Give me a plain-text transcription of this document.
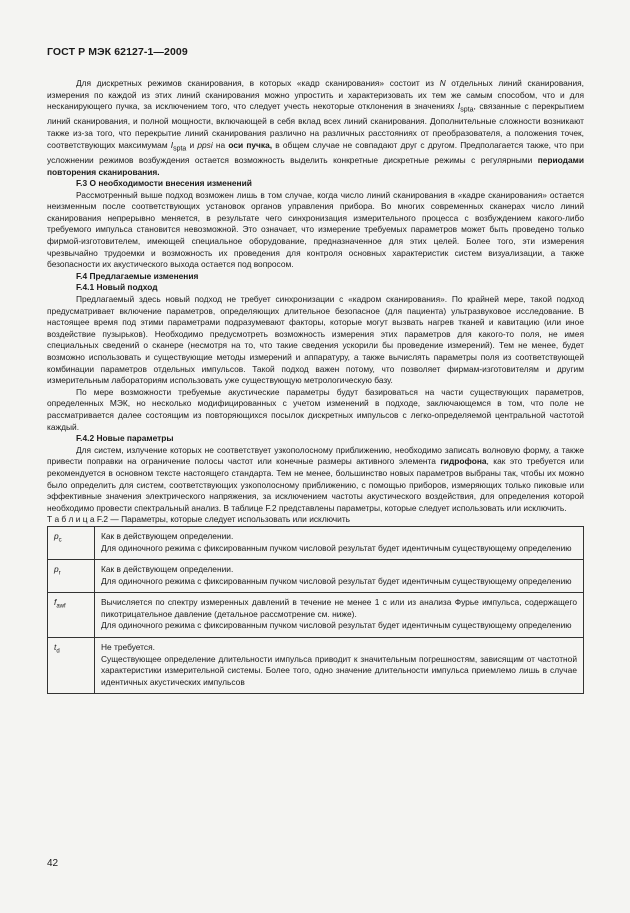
ГОСТ Р МЭК 62127-1—2009

Для дискретных режимов сканирования, в которых «кадр сканирования» состоит из N отдельных линий сканирования, измерения по каждой из этих линий сканирования можно упростить и характеризовать их тем же самым способом, что и для несканирующего пучка, за исключением того, что следует учесть некоторые отклонения в значениях $I_{spta}$, связанные с перекрытием линий сканирования, и полной мощности, включающей в себя вклад всех линий сканирования. Дополнительные сложности возникают также из-за того, что перекрытие линий сканирования различно на различных расстояниях от преобразователя, а положения точек, соответствующих максимумам $I_{spta}$ и ppsi на оси пучка, в общем случае не совпадают друг с другом. Предполагается также, что при усложнении режимов возбуждения остается возможность выделить конкретные дискретные режимы с регулярными периодами повторения сканирования.

F.3 О необходимости внесения изменений

Рассмотренный выше подход возможен лишь в том случае, когда число линий сканирования в «кадре сканирования» остается неизменным после соответствующих установок органов управления прибора. Во многих современных сканерах число линий сканирования непрерывно меняется, в результате чего синхронизация измерительного процесса с возбуждением какого-либо требуемого импульса становится невозможной. Это означает, что измерение требуемых параметров может быть проведено только фирмой-изготовителем, имеющей специальное оборудование, предназначенное для этих целей. Более того, эти измерения чрезвычайно трудоемки и возможность их проведения для контроля основных характеристик систем визуализации, а также безопасности их акустического выхода остается под вопросом.

F.4 Предлагаемые изменения
F.4.1 Новый подход

Предлагаемый здесь новый подход не требует синхронизации с «кадром сканирования». По крайней мере, такой подход предусматривает включение параметров, определяющих длительное безопасное (для пациента) ультразвуковое исследование. В настоящее время под этими параметрами подразумевают факторы, которые могут вызвать нагрев тканей и кавитацию (или иное воздействие пузырьков). Необходимо предусмотреть возможность измерения этих параметров для какого-то поля, не имея специальных сведений о сканере (несмотря на то, что такие сведения ускорили бы проведение измерений). Тем не менее, будет возможно использовать и существующие методы измерений и аппаратуру, а также вычислять параметры поля из соответствующей комбинации параметров отдельных импульсов. Такой подход важен потому, что позволяет фирмам-изготовителям и другим измерительным лабораториям использовать уже существующую метрологическую базу.

По мере возможности требуемые акустические параметры будут базироваться на части существующих параметров, определенных МЭК, но несколько модифицированных с учетом изменений в подходе, заключающемся в том, что поле не рассматривается далее состоящим из повторяющихся посылок дискретных импульсов с легко-определяемой центральной частотой каждый.

F.4.2 Новые параметры

Для систем, излучение которых не соответствует узкополосному приближению, необходимо записать волновую форму, а также привести поправки на ограничение полосы частот или конечные размеры активного элемента гидрофона, как это требуется или рекомендуется в основном тексте настоящего стандарта. Тем не менее, большинство новых параметров выбраны так, чтобы их можно было определить для систем, соответствующих узкополосному приближению, с помощью приборов, измеряющих только пиковые или эффективные значения электрического напряжения, за исключением частоты акустического воздействия, для определения которой необходимо провести спектральный анализ. В таблице F.2 представлены параметры, которые следует использовать или исключить.

Т а б л и ц а F.2 — Параметры, которые следует использовать или исключить

$p_c$	Как в действующем определении.
Для одиночного режима с фиксированным пучком числовой результат будет идентичным существующему определению

$p_r$	Как в действующем определении.
Для одиночного режима с фиксированным пучком числовой результат будет идентичным существующему определению

$f_{awf}$	Вычисляется по спектру измеренных давлений в течение не менее 1 с или из анализа Фурье импульса, содержащего пикотрицательное давление (детальное рассмотрение см. ниже).
Для одиночного режима с фиксированным пучком числовой результат будет идентичным существующему определению

$t_d$	Не требуется.
Существующее определение длительности импульса приводит к значительным погрешностям, зависящим от частотной характеристики измерительной системы. Более того, одно значение длительности импульса приемлемо лишь в случае идентичных акустических импульсов
42
